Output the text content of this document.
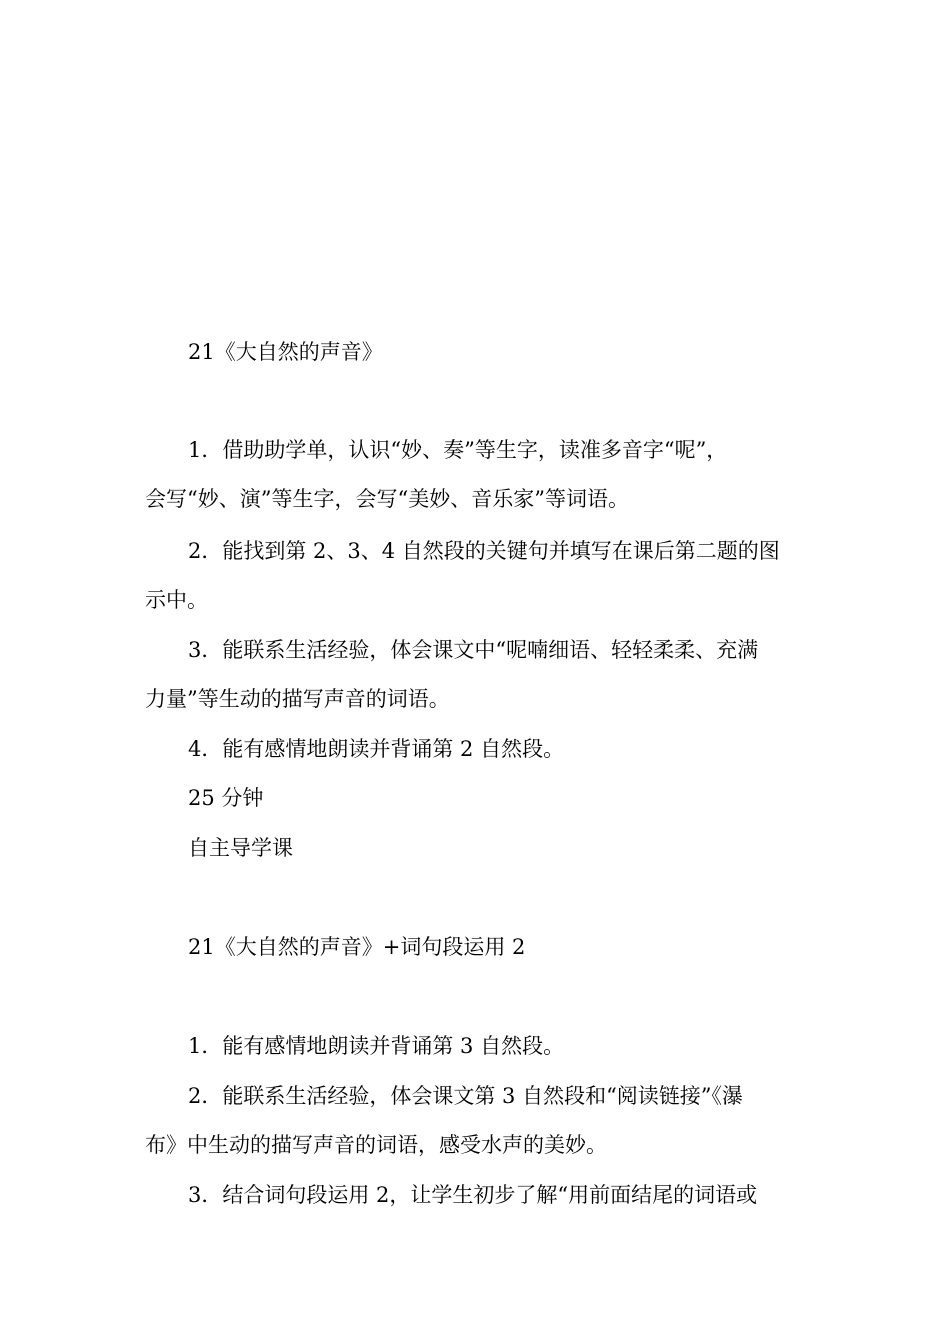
21《大自然的声音》
1．借助助学单，认识“妙、奏”等生字，读准多音字“呢”，
会写“妙、演”等生字，会写“美妙、音乐家”等词语。
2．能找到第 2、3、4 自然段的关键句并填写在课后第二题的图
示中。
3．能联系生活经验，体会课文中“呢喃细语、轻轻柔柔、充满
力量”等生动的描写声音的词语。
4．能有感情地朗读并背诵第 2 自然段。
25 分钟
自主导学课
21《大自然的声音》+词句段运用 2
1．能有感情地朗读并背诵第 3 自然段。
2．能联系生活经验，体会课文第 3 自然段和“阅读链接”《瀑
布》中生动的描写声音的词语，感受水声的美妙。
3．结合词句段运用 2，让学生初步了解“用前面结尾的词语或
